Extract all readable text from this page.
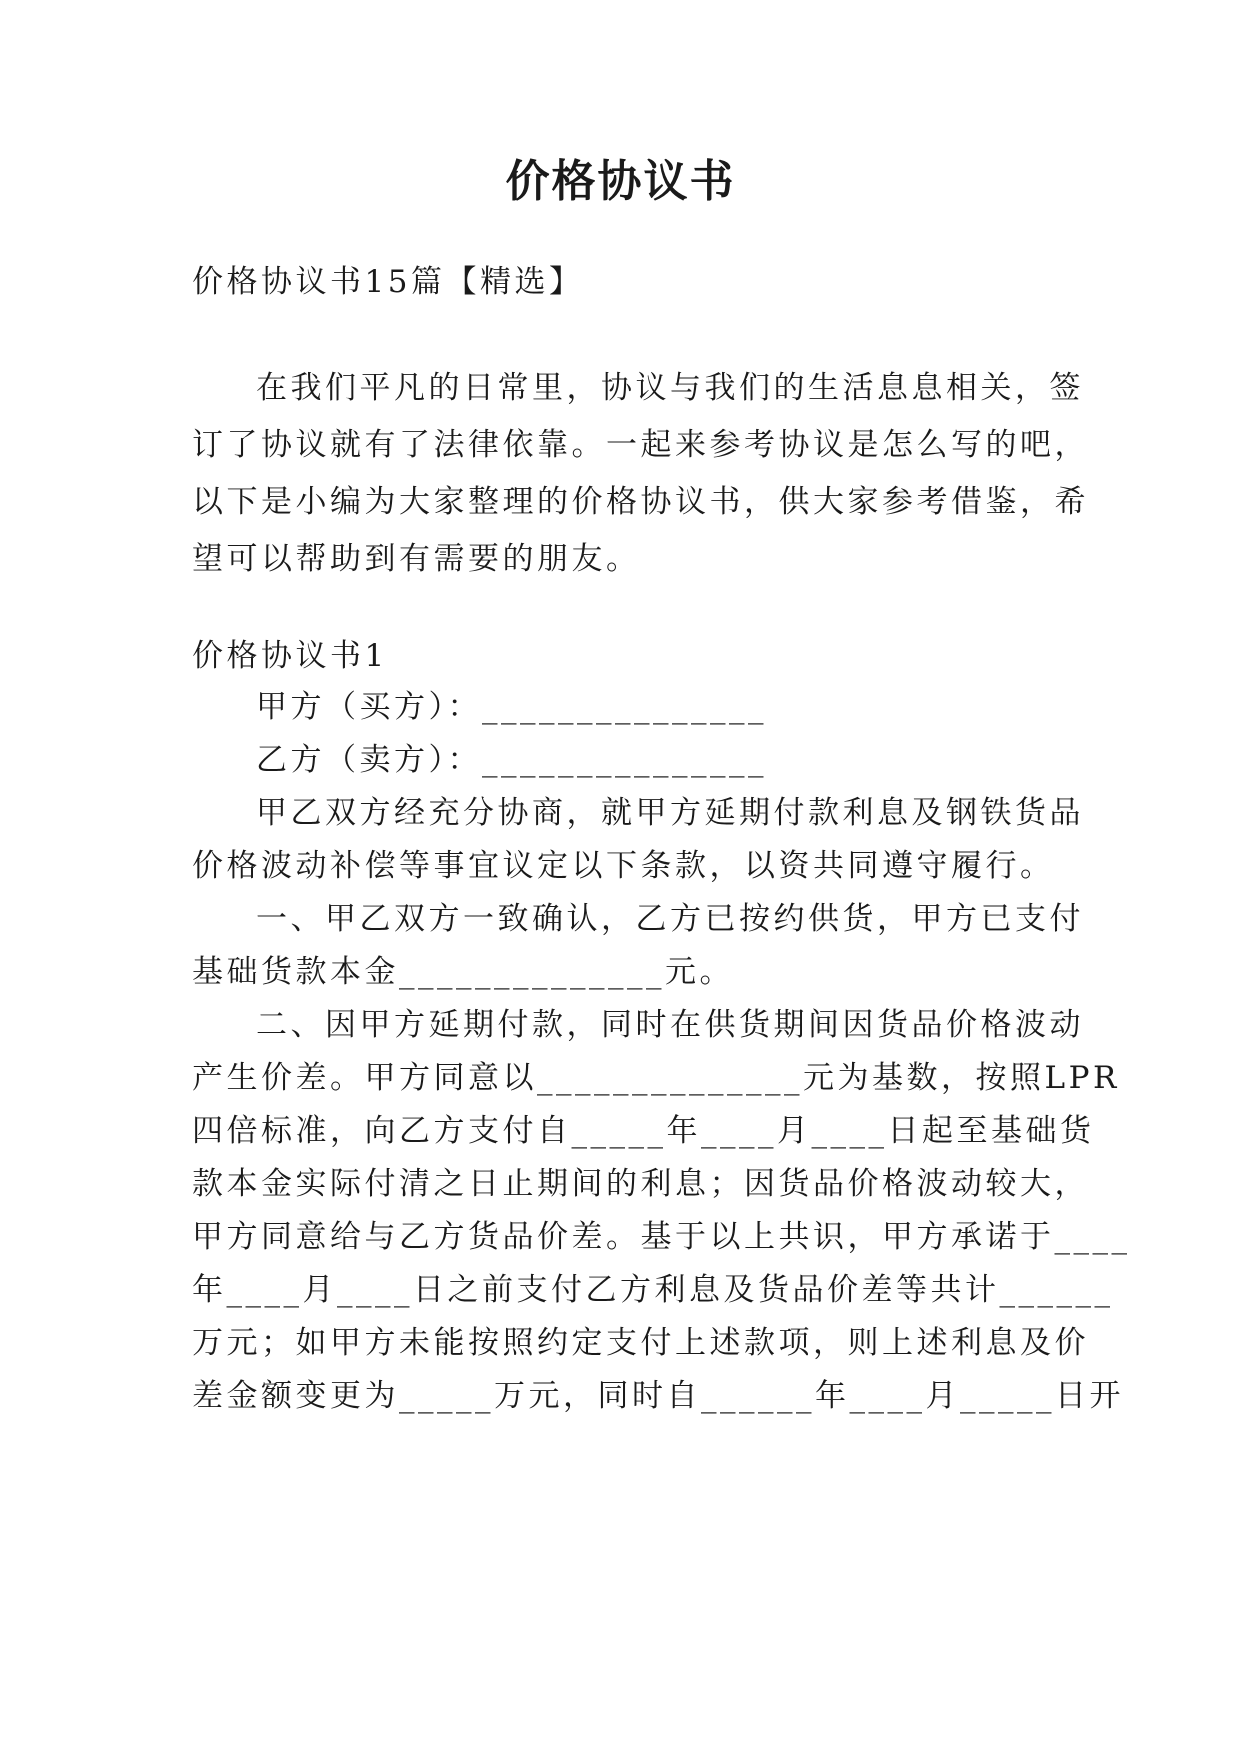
价格协议书
价格协议书15篇【精选】
在我们平凡的日常里，协议与我们的生活息息相关，签
订了协议就有了法律依靠。一起来参考协议是怎么写的吧，
以下是小编为大家整理的价格协议书，供大家参考借鉴，希
望可以帮助到有需要的朋友。
价格协议书1
甲方（买方）：_______________
乙方（卖方）：_______________
甲乙双方经充分协商，就甲方延期付款利息及钢铁货品
价格波动补偿等事宜议定以下条款，以资共同遵守履行。
一、甲乙双方一致确认，乙方已按约供货，甲方已支付
基础货款本金______________元。
二、因甲方延期付款，同时在供货期间因货品价格波动
产生价差。甲方同意以______________元为基数，按照LPR
四倍标准，向乙方支付自_____年____月____日起至基础货
款本金实际付清之日止期间的利息；因货品价格波动较大，
甲方同意给与乙方货品价差。基于以上共识，甲方承诺于____
年____月____日之前支付乙方利息及货品价差等共计______
万元；如甲方未能按照约定支付上述款项，则上述利息及价
差金额变更为_____万元，同时自______年____月_____日开
